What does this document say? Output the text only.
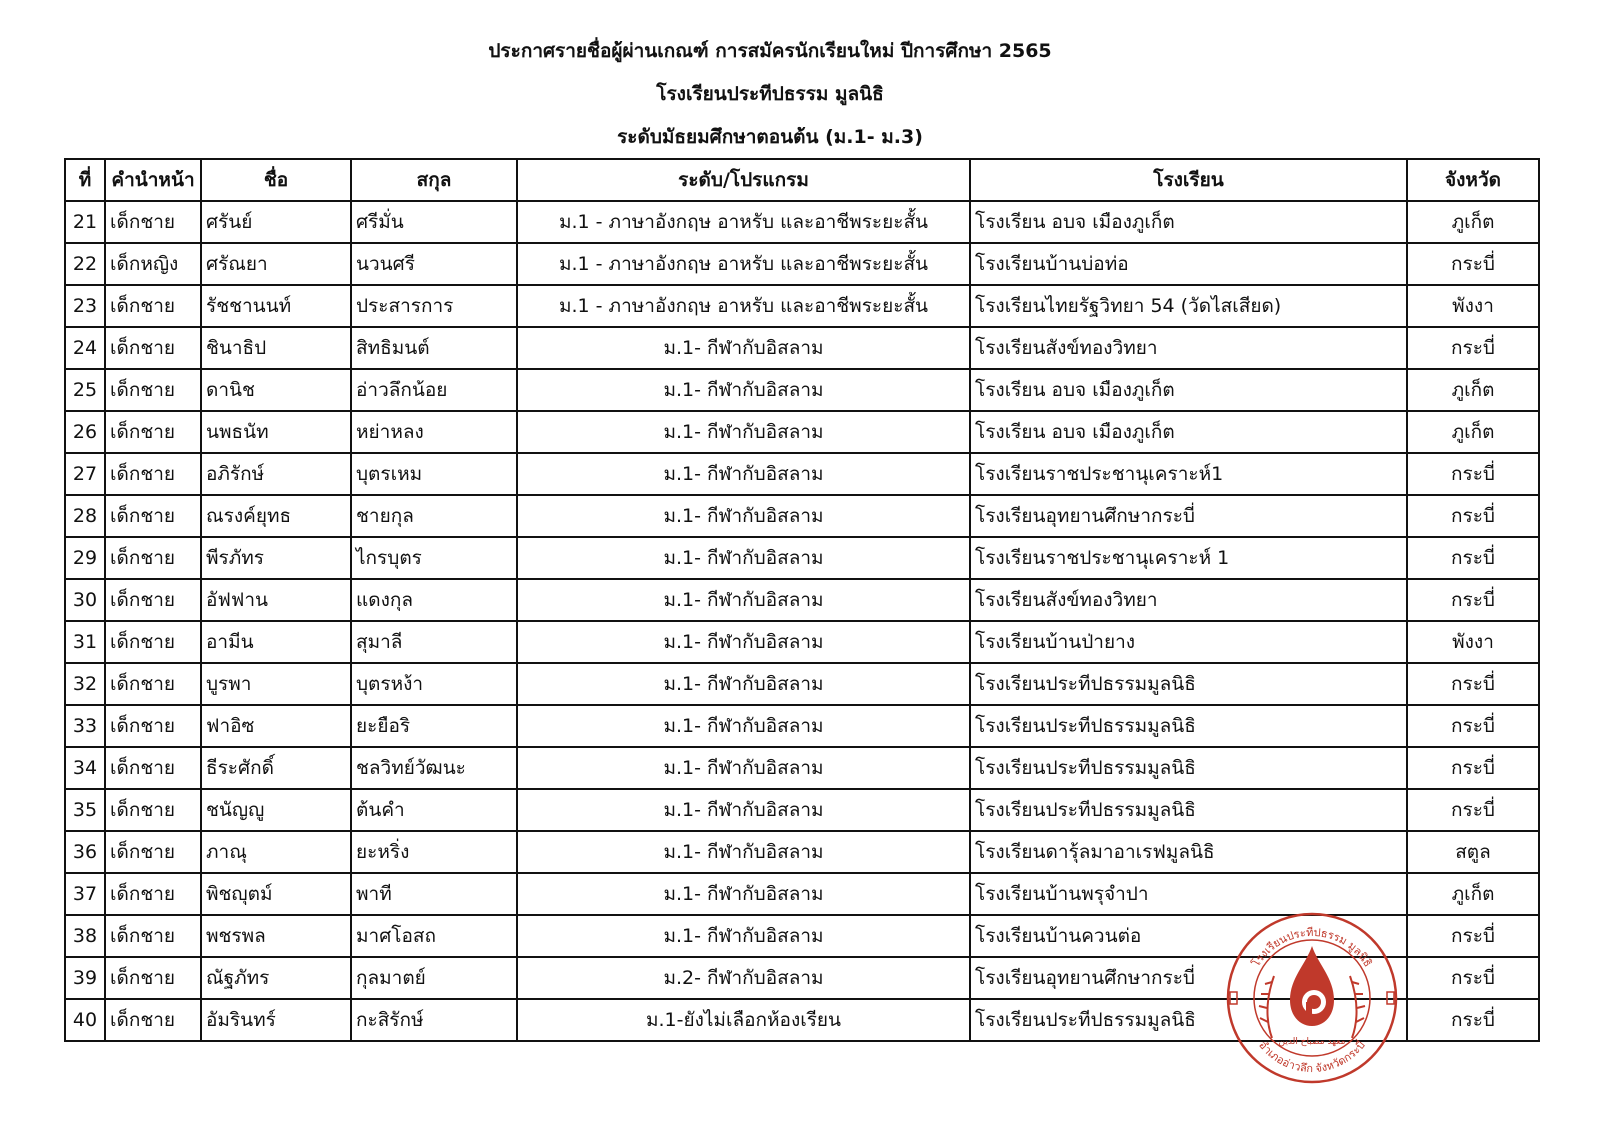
ประกาศรายชื่อผู้ผ่านเกณฑ์ การสมัครนักเรียนใหม่ ปีการศึกษา 2565
โรงเรียนประทีปธรรม มูลนิธิ
ระดับมัธยมศึกษาตอนต้น (ม.1- ม.3)
ที่	คำนำหน้า	ชื่อ	สกุล	ระดับ/โปรแกรม	โรงเรียน	จังหวัด
21	เด็กชาย	ศรันย์	ศรีมั่น	ม.1 - ภาษาอังกฤษ อาหรับ และอาชีพระยะสั้น	โรงเรียน อบจ เมืองภูเก็ต	ภูเก็ต
22	เด็กหญิง	ศรัณยา	นวนศรี	ม.1 - ภาษาอังกฤษ อาหรับ และอาชีพระยะสั้น	โรงเรียนบ้านบ่อท่อ	กระบี่
23	เด็กชาย	รัชชานนท์	ประสารการ	ม.1 - ภาษาอังกฤษ อาหรับ และอาชีพระยะสั้น	โรงเรียนไทยรัฐวิทยา 54 (วัดไสเสียด)	พังงา
24	เด็กชาย	ชินาธิป	สิทธิมนต์	ม.1- กีฬากับอิสลาม	โรงเรียนสังข์ทองวิทยา	กระบี่
25	เด็กชาย	ดานิช	อ่าวลึกน้อย	ม.1- กีฬากับอิสลาม	โรงเรียน อบจ เมืองภูเก็ต	ภูเก็ต
26	เด็กชาย	นพธนัท	หย่าหลง	ม.1- กีฬากับอิสลาม	โรงเรียน อบจ เมืองภูเก็ต	ภูเก็ต
27	เด็กชาย	อภิรักษ์	บุตรเหม	ม.1- กีฬากับอิสลาม	โรงเรียนราชประชานุเคราะห์1	กระบี่
28	เด็กชาย	ณรงค์ยุทธ	ชายกุล	ม.1- กีฬากับอิสลาม	โรงเรียนอุทยานศึกษากระบี่	กระบี่
29	เด็กชาย	พีรภัทร	ไกรบุตร	ม.1- กีฬากับอิสลาม	โรงเรียนราชประชานุเคราะห์ 1	กระบี่
30	เด็กชาย	อัฟฟาน	แดงกุล	ม.1- กีฬากับอิสลาม	โรงเรียนสังข์ทองวิทยา	กระบี่
31	เด็กชาย	อามีน	สุมาลี	ม.1- กีฬากับอิสลาม	โรงเรียนบ้านป่ายาง	พังงา
32	เด็กชาย	บูรพา	บุตรหง้า	ม.1- กีฬากับอิสลาม	โรงเรียนประทีปธรรมมูลนิธิ	กระบี่
33	เด็กชาย	ฟาอิซ	ยะยือริ	ม.1- กีฬากับอิสลาม	โรงเรียนประทีปธรรมมูลนิธิ	กระบี่
34	เด็กชาย	ธีระศักดิ์	ชลวิทย์วัฒนะ	ม.1- กีฬากับอิสลาม	โรงเรียนประทีปธรรมมูลนิธิ	กระบี่
35	เด็กชาย	ชนัญญู	ต้นคำ	ม.1- กีฬากับอิสลาม	โรงเรียนประทีปธรรมมูลนิธิ	กระบี่
36	เด็กชาย	ภาณุ	ยะหริ่ง	ม.1- กีฬากับอิสลาม	โรงเรียนดารุ้ลมาอาเรฟมูลนิธิ	สตูล
37	เด็กชาย	พิชญุตม์	พาที	ม.1- กีฬากับอิสลาม	โรงเรียนบ้านพรุจำปา	ภูเก็ต
38	เด็กชาย	พชรพล	มาศโอสถ	ม.1- กีฬากับอิสลาม	โรงเรียนบ้านควนต่อ	กระบี่
39	เด็กชาย	ณัฐภัทร	กุลมาตย์	ม.2- กีฬากับอิสลาม	โรงเรียนอุทยานศึกษากระบี่	กระบี่
40	เด็กชาย	อัมรินทร์	กะสิรักษ์	ม.1-ยังไม่เลือกห้องเรียน	โรงเรียนประทีปธรรมมูลนิธิ	กระบี่
โรงเรียนประทีปธรรม มูลนิธิ
อำเภออ่าวลึก จังหวัดกระบี่
معهد مصباح الدين
